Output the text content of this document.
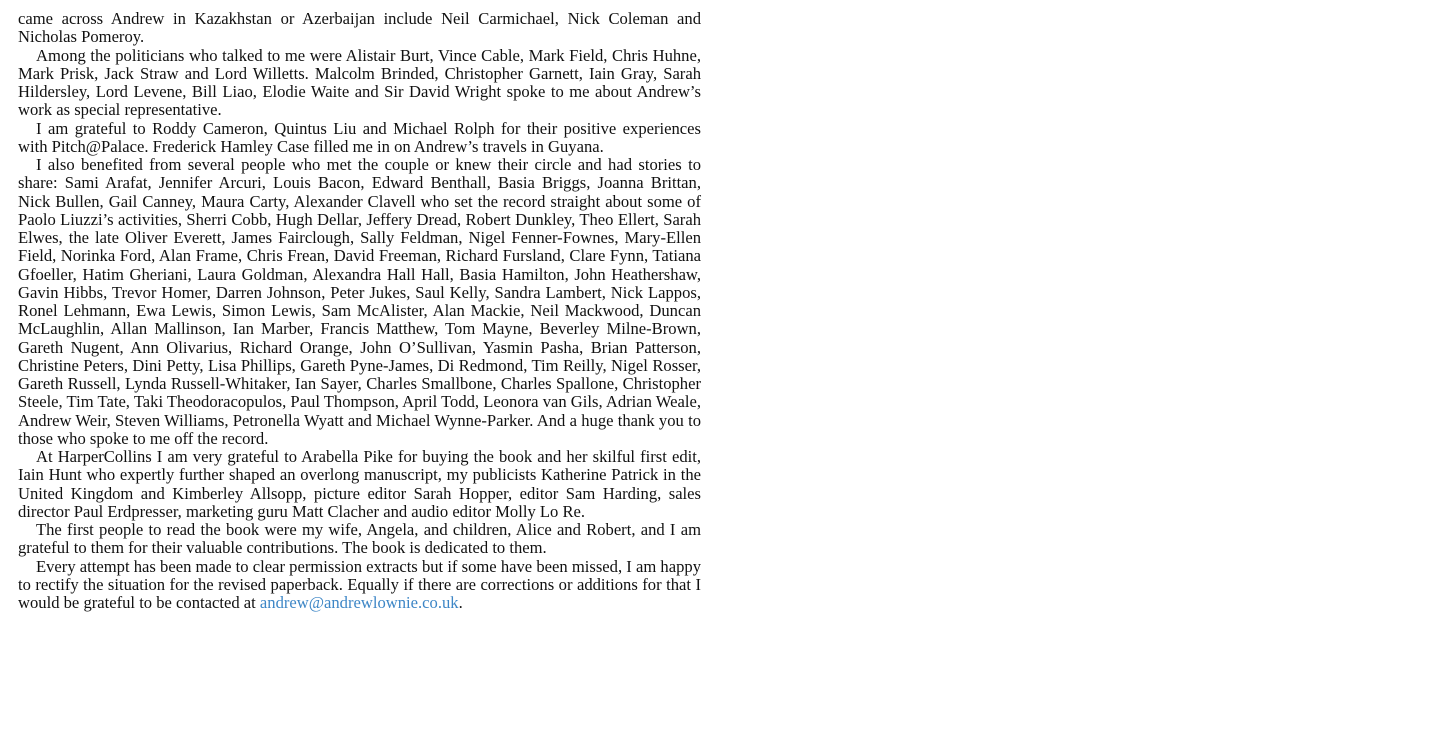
came across Andrew in Kazakhstan or Azerbaijan include Neil Carmichael, Nick Coleman and Nicholas Pomeroy.

Among the politicians who talked to me were Alistair Burt, Vince Cable, Mark Field, Chris Huhne, Mark Prisk, Jack Straw and Lord Willetts. Malcolm Brinded, Christopher Garnett, Iain Gray, Sarah Hildersley, Lord Levene, Bill Liao, Elodie Waite and Sir David Wright spoke to me about Andrew’s work as special representative.

I am grateful to Roddy Cameron, Quintus Liu and Michael Rolph for their positive experiences with Pitch@Palace. Frederick Hamley Case filled me in on Andrew’s travels in Guyana.

I also benefited from several people who met the couple or knew their circle and had stories to share: Sami Arafat, Jennifer Arcuri, Louis Bacon, Edward Benthall, Basia Briggs, Joanna Brittan, Nick Bullen, Gail Canney, Maura Carty, Alexander Clavell who set the record straight about some of Paolo Liuzzi’s activities, Sherri Cobb, Hugh Dellar, Jeffery Dread, Robert Dunkley, Theo Ellert, Sarah Elwes, the late Oliver Everett, James Fairclough, Sally Feldman, Nigel Fenner-Fownes, Mary-Ellen Field, Norinka Ford, Alan Frame, Chris Frean, David Freeman, Richard Fursland, Clare Fynn, Tatiana Gfoeller, Hatim Gheriani, Laura Goldman, Alexandra Hall Hall, Basia Hamilton, John Heathershaw, Gavin Hibbs, Trevor Homer, Darren Johnson, Peter Jukes, Saul Kelly, Sandra Lambert, Nick Lappos, Ronel Lehmann, Ewa Lewis, Simon Lewis, Sam McAlister, Alan Mackie, Neil Mackwood, Duncan McLaughlin, Allan Mallinson, Ian Marber, Francis Matthew, Tom Mayne, Beverley Milne-Brown, Gareth Nugent, Ann Olivarius, Richard Orange, John O’Sullivan, Yasmin Pasha, Brian Patterson, Christine Peters, Dini Petty, Lisa Phillips, Gareth Pyne-James, Di Redmond, Tim Reilly, Nigel Rosser, Gareth Russell, Lynda Russell-Whitaker, Ian Sayer, Charles Smallbone, Charles Spallone, Christopher Steele, Tim Tate, Taki Theodoracopulos, Paul Thompson, April Todd, Leonora van Gils, Adrian Weale, Andrew Weir, Steven Williams, Petronella Wyatt and Michael Wynne-Parker. And a huge thank you to those who spoke to me off the record.

At HarperCollins I am very grateful to Arabella Pike for buying the book and her skilful first edit, Iain Hunt who expertly further shaped an overlong manuscript, my publicists Katherine Patrick in the United Kingdom and Kimberley Allsopp, picture editor Sarah Hopper, editor Sam Harding, sales director Paul Erdpresser, marketing guru Matt Clacher and audio editor Molly Lo Re.

The first people to read the book were my wife, Angela, and children, Alice and Robert, and I am grateful to them for their valuable contributions. The book is dedicated to them.

Every attempt has been made to clear permission extracts but if some have been missed, I am happy to rectify the situation for the revised paperback. Equally if there are corrections or additions for that I would be grateful to be contacted at andrew@andrewlownie.co.uk.
